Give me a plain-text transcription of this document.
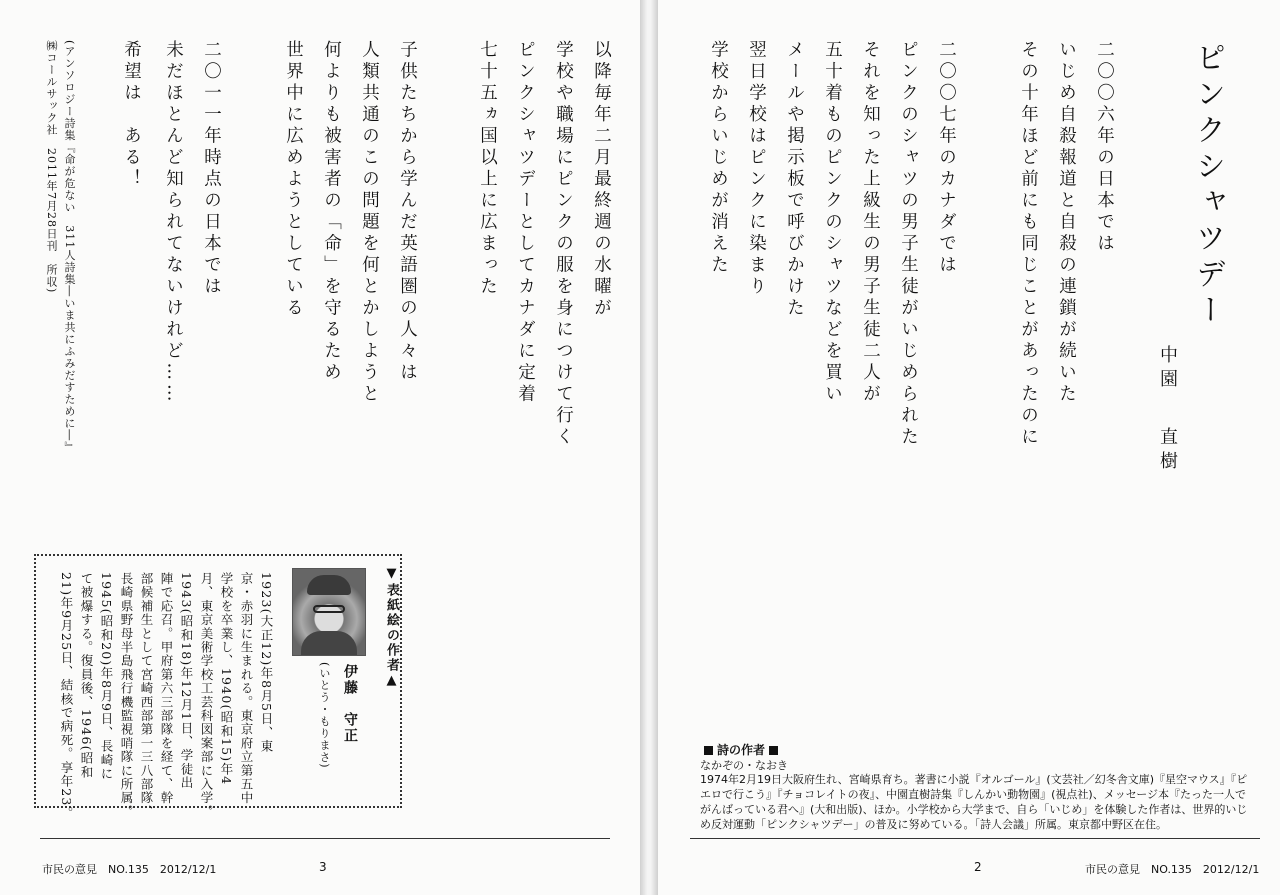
ピンクシャツデー
中園直樹
二〇〇六年の日本では
いじめ自殺報道と自殺の連鎖が続いた
その十年ほど前にも同じことがあったのに
二〇〇七年のカナダでは
ピンクのシャツの男子生徒がいじめられた
それを知った上級生の男子生徒二人が
五十着ものピンクのシャツなどを買い
メールや掲示板で呼びかけた
翌日学校はピンクに染まり
学校からいじめが消えた
以降毎年二月最終週の水曜が
学校や職場にピンクの服を身につけて行く
ピンクシャツデーとしてカナダに定着
七十五ヵ国以上に広まった
子供たちから学んだ英語圏の人々は
人類共通のこの問題を何とかしようと
何よりも被害者の「命」を守るため
世界中に広めようとしている
二〇一一年時点の日本では
未だほとんど知られてないけれど……
希望は　ある！
(アンソロジー詩集『命が危ない　311人詩集―いま共にふみだすために―』
㈱コールサック社　2011年7月28日刊　所収)
▼表紙絵の作者▲
伊藤　守正
(いとう・もりまさ)
1923(大正12)年8月5日、東
京・赤羽に生まれる。東京府立第五中
学校を卒業し、1940(昭和15)年4
月、東京美術学校工芸科図案部に入学。
1943(昭和18)年12月1日、学徒出
陣で応召。甲府第六三部隊を経て、幹
部候補生として宮崎西部第一三八部隊、
長崎県野母半島飛行機監視哨隊に所属。
1945(昭和20)年8月9日、長崎に
て被爆する。復員後、1946(昭和
21)年9月25日、結核で病死。享年23。	詩の作者
なかぞの・なおき
1974年2月19日大阪府生れ、宮崎県育ち。著書に小説『オルゴール』(文芸社／幻冬舎文庫)『星空マウス』『ピエロで行こう』『チョコレイトの夜』、中園直樹詩集『しんかい動物園』(視点社)、メッセージ本『たった一人でがんばっている君へ』(大和出版)、ほか。小学校から大学まで、自ら「いじめ」を体験した作者は、世界的いじめ反対運動「ピンクシャツデー」の普及に努めている。「詩人会議」所属。東京都中野区在住。
市民の意見　NO.135　2012/12/1	3	2	市民の意見　NO.135　2012/12/1
